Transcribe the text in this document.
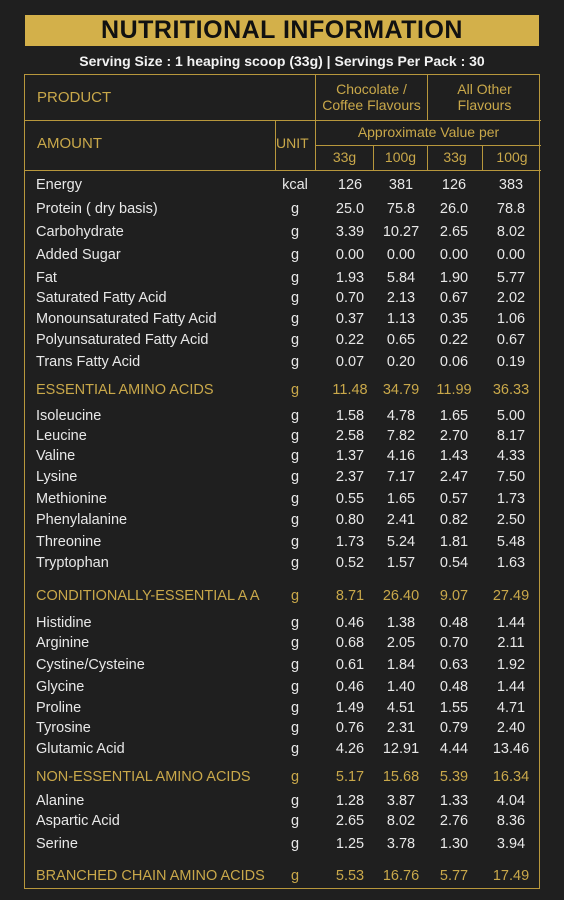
NUTRITIONAL INFORMATION
Serving Size : 1 heaping scoop (33g) | Servings Per Pack : 30
PRODUCT
AMOUNT	UNIT
Chocolate /
Coffee Flavours
All Other
Flavours
Approximate Value per
33g	100g	33g	100g
Energy	kcal	126	381	126	383
Protein ( dry basis)	g	25.0	75.8	26.0	78.8
Carbohydrate	g	3.39	10.27	2.65	8.02
Added Sugar	g	0.00	0.00	0.00	0.00
Fat	g	1.93	5.84	1.90	5.77
Saturated Fatty Acid	g	0.70	2.13	0.67	2.02
Monounsaturated Fatty Acid	g	0.37	1.13	0.35	1.06
Polyunsaturated Fatty Acid	g	0.22	0.65	0.22	0.67
Trans Fatty Acid	g	0.07	0.20	0.06	0.19
ESSENTIAL AMINO ACIDS	g	11.48	34.79	11.99	36.33
Isoleucine	g	1.58	4.78	1.65	5.00
Leucine	g	2.58	7.82	2.70	8.17
Valine	g	1.37	4.16	1.43	4.33
Lysine	g	2.37	7.17	2.47	7.50
Methionine	g	0.55	1.65	0.57	1.73
Phenylalanine	g	0.80	2.41	0.82	2.50
Threonine	g	1.73	5.24	1.81	5.48
Tryptophan	g	0.52	1.57	0.54	1.63
CONDITIONALLY-ESSENTIAL A A	g	8.71	26.40	9.07	27.49
Histidine	g	0.46	1.38	0.48	1.44
Arginine	g	0.68	2.05	0.70	2.11
Cystine/Cysteine	g	0.61	1.84	0.63	1.92
Glycine	g	0.46	1.40	0.48	1.44
Proline	g	1.49	4.51	1.55	4.71
Tyrosine	g	0.76	2.31	0.79	2.40
Glutamic Acid	g	4.26	12.91	4.44	13.46
NON-ESSENTIAL AMINO ACIDS	g	5.17	15.68	5.39	16.34
Alanine	g	1.28	3.87	1.33	4.04
Aspartic Acid	g	2.65	8.02	2.76	8.36
Serine	g	1.25	3.78	1.30	3.94
BRANCHED CHAIN AMINO ACIDS	g	5.53	16.76	5.77	17.49
